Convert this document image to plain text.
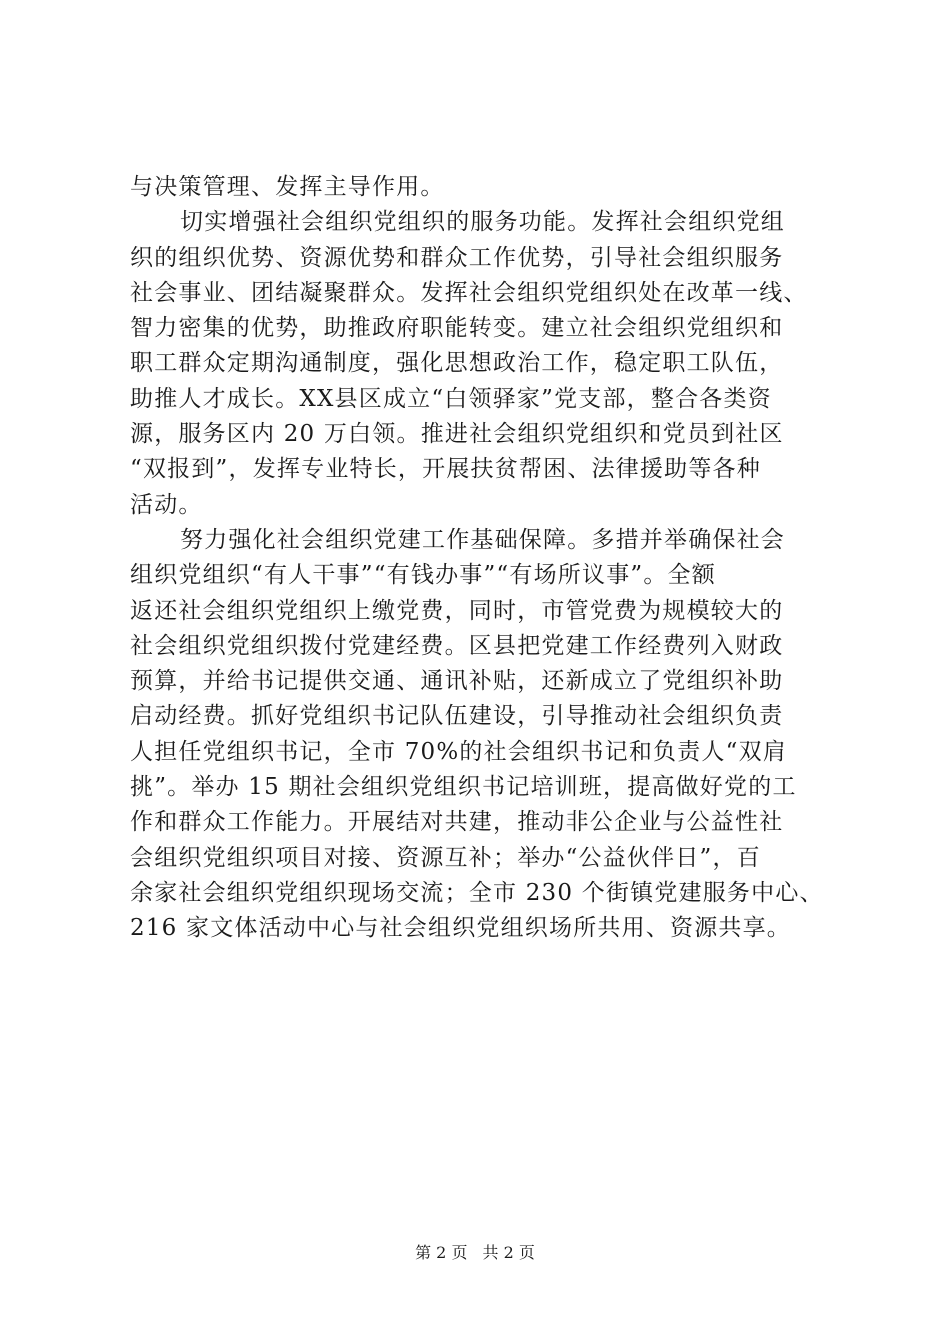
与决策管理、发挥主导作用。
切实增强社会组织党组织的服务功能。发挥社会组织党组
织的组织优势、资源优势和群众工作优势，引导社会组织服务
社会事业、团结凝聚群众。发挥社会组织党组织处在改革一线、
智力密集的优势，助推政府职能转变。建立社会组织党组织和
职工群众定期沟通制度，强化思想政治工作，稳定职工队伍，
助推人才成长。XX县区成立“白领驿家”党支部，整合各类资
源，服务区内 20 万白领。推进社会组织党组织和党员到社区
“双报到”，发挥专业特长，开展扶贫帮困、法律援助等各种
活动。
努力强化社会组织党建工作基础保障。多措并举确保社会
组织党组织“有人干事”“有钱办事”“有场所议事”。全额
返还社会组织党组织上缴党费，同时，市管党费为规模较大的
社会组织党组织拨付党建经费。区县把党建工作经费列入财政
预算，并给书记提供交通、通讯补贴，还新成立了党组织补助
启动经费。抓好党组织书记队伍建设，引导推动社会组织负责
人担任党组织书记，全市 70%的社会组织书记和负责人“双肩
挑”。举办 15 期社会组织党组织书记培训班，提高做好党的工
作和群众工作能力。开展结对共建，推动非公企业与公益性社
会组织党组织项目对接、资源互补；举办“公益伙伴日”，百
余家社会组织党组织现场交流；全市 230 个街镇党建服务中心、
216 家文体活动中心与社会组织党组织场所共用、资源共享。
第 2 页 共 2 页
